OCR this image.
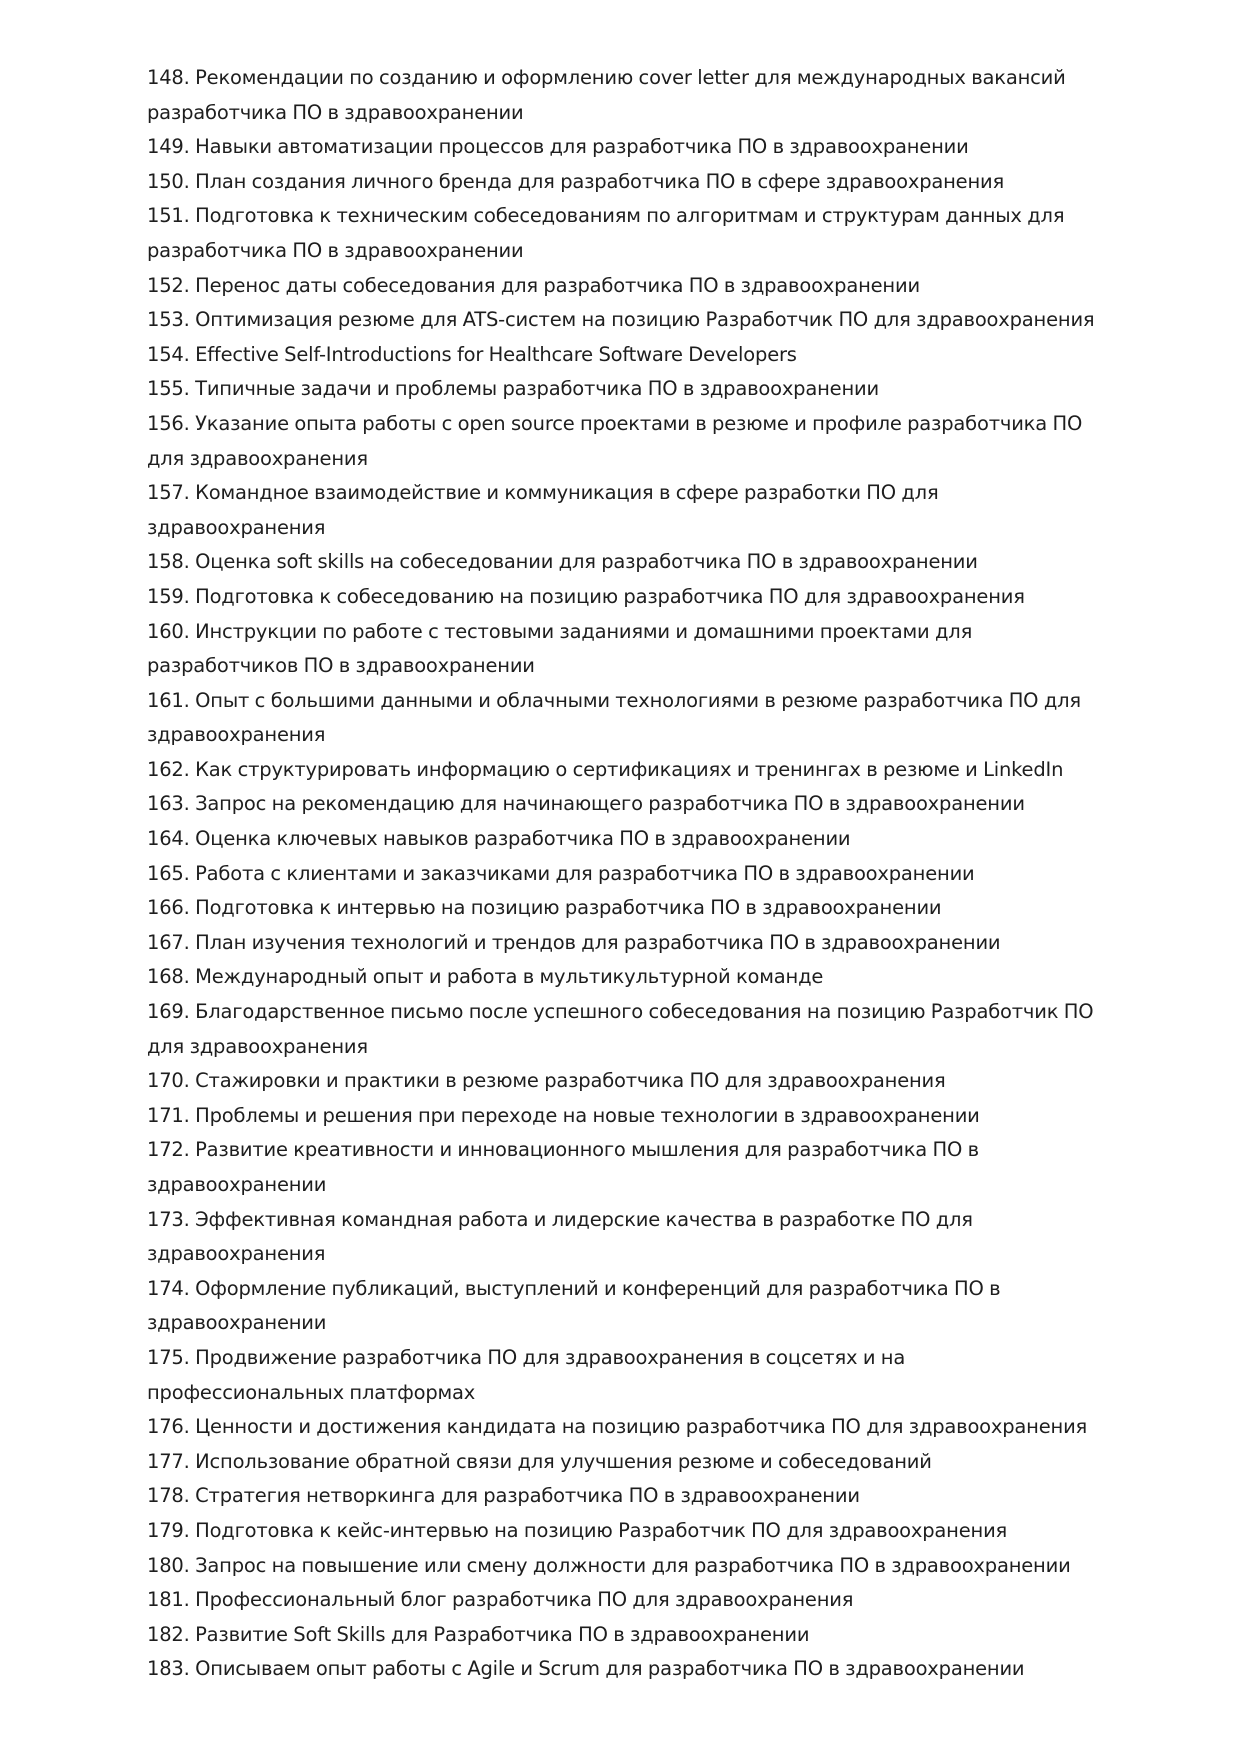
148. Рекомендации по созданию и оформлению cover letter для международных вакансий разработчика ПО в здравоохранении
149. Навыки автоматизации процессов для разработчика ПО в здравоохранении
150. План создания личного бренда для разработчика ПО в сфере здравоохранения
151. Подготовка к техническим собеседованиям по алгоритмам и структурам данных для разработчика ПО в здравоохранении
152. Перенос даты собеседования для разработчика ПО в здравоохранении
153. Оптимизация резюме для ATS-систем на позицию Разработчик ПО для здравоохранения
154. Effective Self-Introductions for Healthcare Software Developers
155. Типичные задачи и проблемы разработчика ПО в здравоохранении
156. Указание опыта работы с open source проектами в резюме и профиле разработчика ПО для здравоохранения
157. Командное взаимодействие и коммуникация в сфере разработки ПО для здравоохранения
158. Оценка soft skills на собеседовании для разработчика ПО в здравоохранении
159. Подготовка к собеседованию на позицию разработчика ПО для здравоохранения
160. Инструкции по работе с тестовыми заданиями и домашними проектами для разработчиков ПО в здравоохранении
161. Опыт с большими данными и облачными технологиями в резюме разработчика ПО для здравоохранения
162. Как структурировать информацию о сертификациях и тренингах в резюме и LinkedIn
163. Запрос на рекомендацию для начинающего разработчика ПО в здравоохранении
164. Оценка ключевых навыков разработчика ПО в здравоохранении
165. Работа с клиентами и заказчиками для разработчика ПО в здравоохранении
166. Подготовка к интервью на позицию разработчика ПО в здравоохранении
167. План изучения технологий и трендов для разработчика ПО в здравоохранении
168. Международный опыт и работа в мультикультурной команде
169. Благодарственное письмо после успешного собеседования на позицию Разработчик ПО для здравоохранения
170. Стажировки и практики в резюме разработчика ПО для здравоохранения
171. Проблемы и решения при переходе на новые технологии в здравоохранении
172. Развитие креативности и инновационного мышления для разработчика ПО в здравоохранении
173. Эффективная командная работа и лидерские качества в разработке ПО для здравоохранения
174. Оформление публикаций, выступлений и конференций для разработчика ПО в здравоохранении
175. Продвижение разработчика ПО для здравоохранения в соцсетях и на профессиональных платформах
176. Ценности и достижения кандидата на позицию разработчика ПО для здравоохранения
177. Использование обратной связи для улучшения резюме и собеседований
178. Стратегия нетворкинга для разработчика ПО в здравоохранении
179. Подготовка к кейс-интервью на позицию Разработчик ПО для здравоохранения
180. Запрос на повышение или смену должности для разработчика ПО в здравоохранении
181. Профессиональный блог разработчика ПО для здравоохранения
182. Развитие Soft Skills для Разработчика ПО в здравоохранении
183. Описываем опыт работы с Agile и Scrum для разработчика ПО в здравоохранении
